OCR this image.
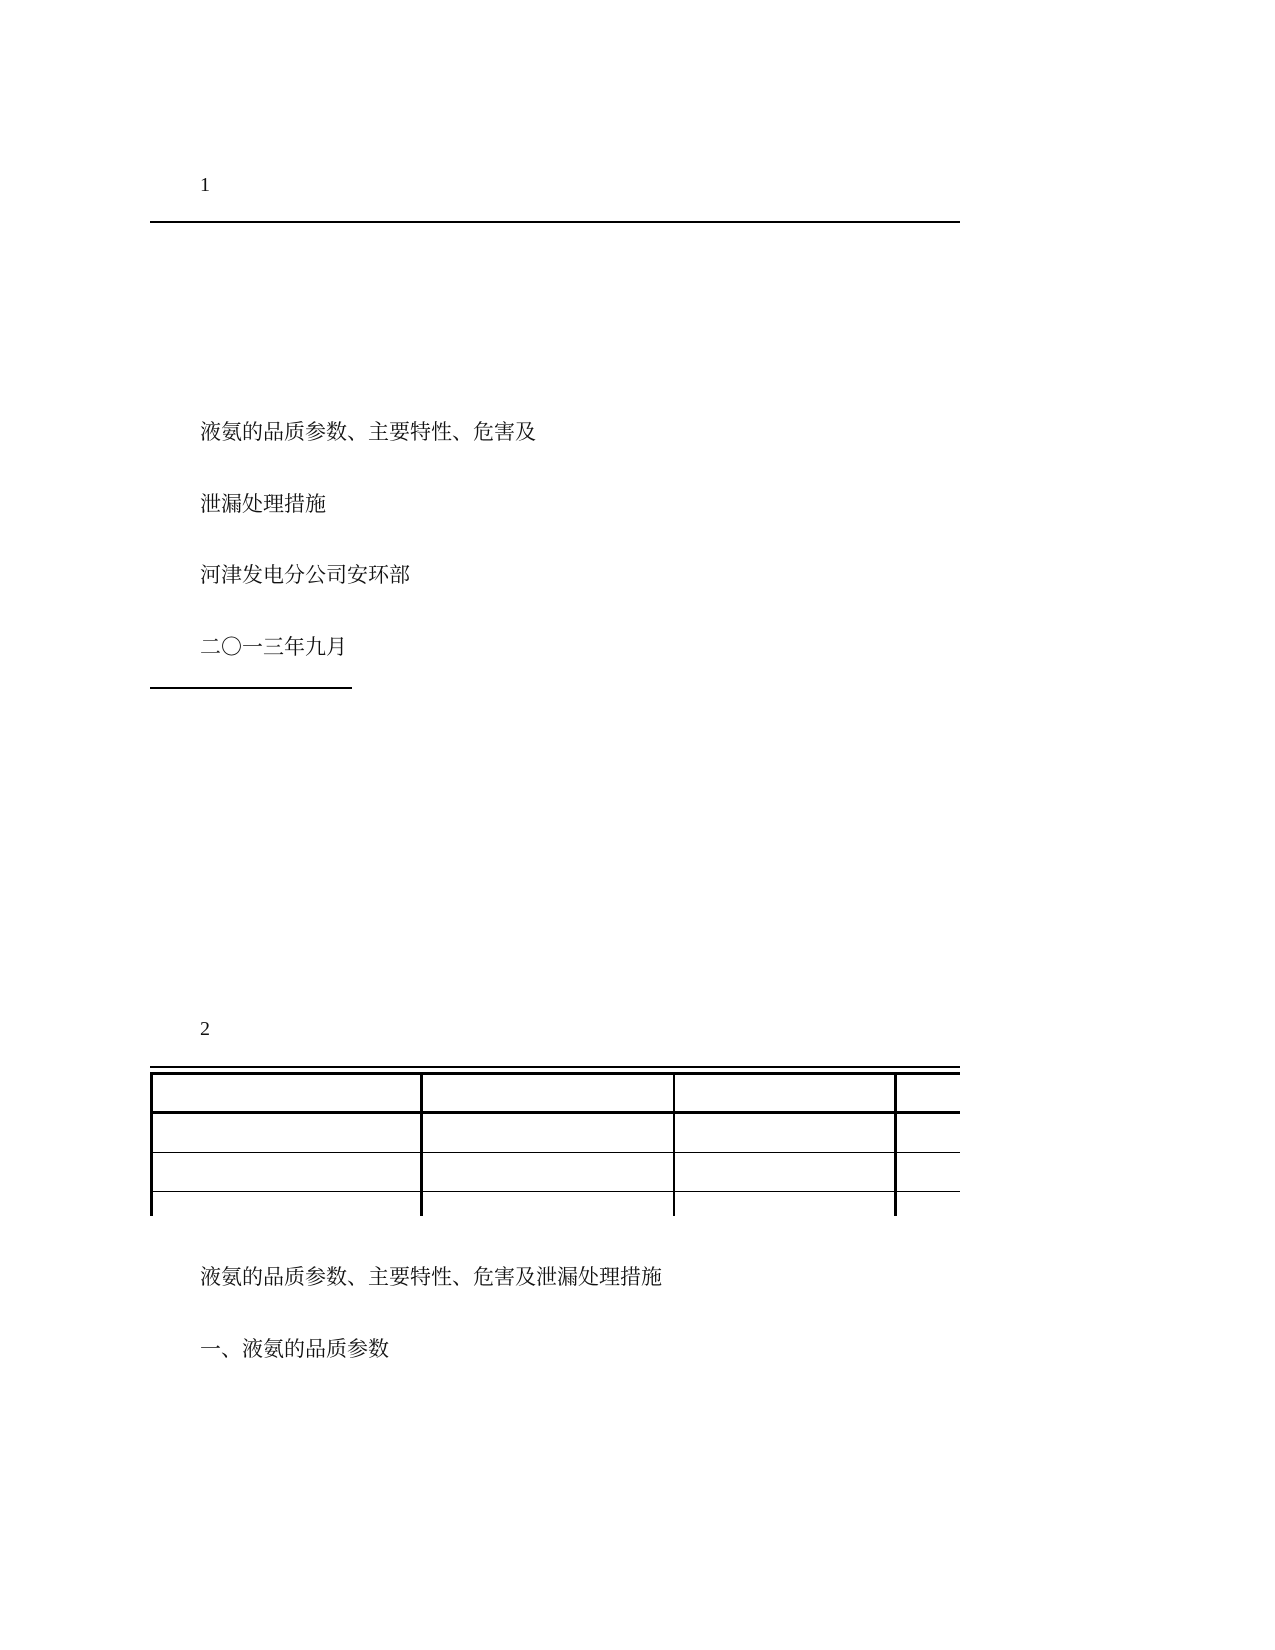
1
液氨的品质参数、主要特性、危害及
泄漏处理措施
河津发电分公司安环部
二〇一三年九月
2
液氨的品质参数、主要特性、危害及泄漏处理措施
一、液氨的品质参数
